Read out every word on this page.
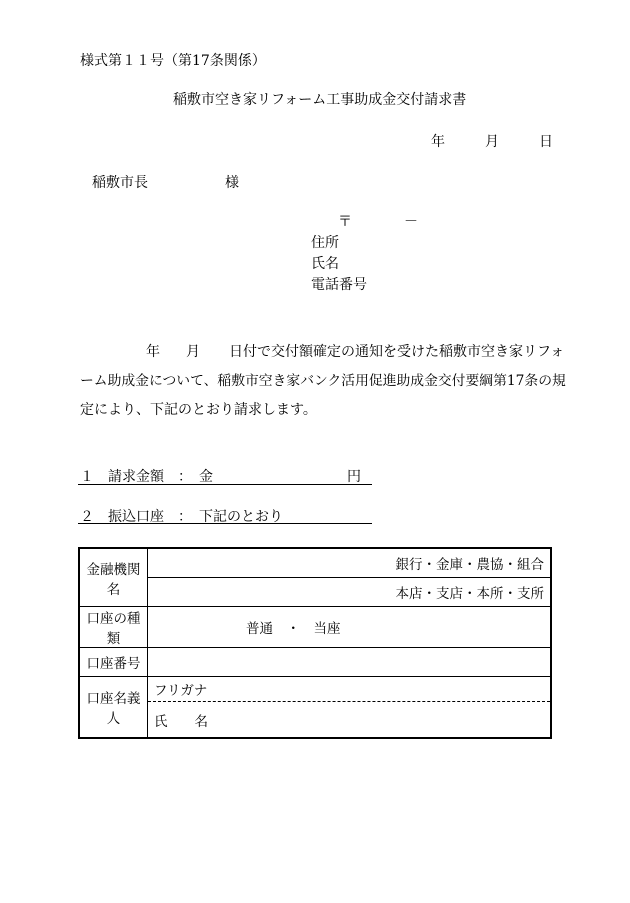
様式第１１号（第17条関係）
稲敷市空き家リフォーム工事助成金交付請求書
年	月	日
稲敷市長	様
〒	－
住所
氏名
電話番号
年 月 日付で交付額確定の通知を受けた稲敷市空き家リフォ
ーム助成金について、稲敷市空き家バンク活用促進助成金交付要綱第17条の規
定により、下記のとおり請求します。
１　請求金額　：　金	円
２　振込口座　：　下記のとおり
金融機関名	銀行・金庫・農協・組合
	本店・支店・本所・支所
口座の種類	普通　・　当座
口座番号	
口座名義人	フリガナ
	氏　　名
